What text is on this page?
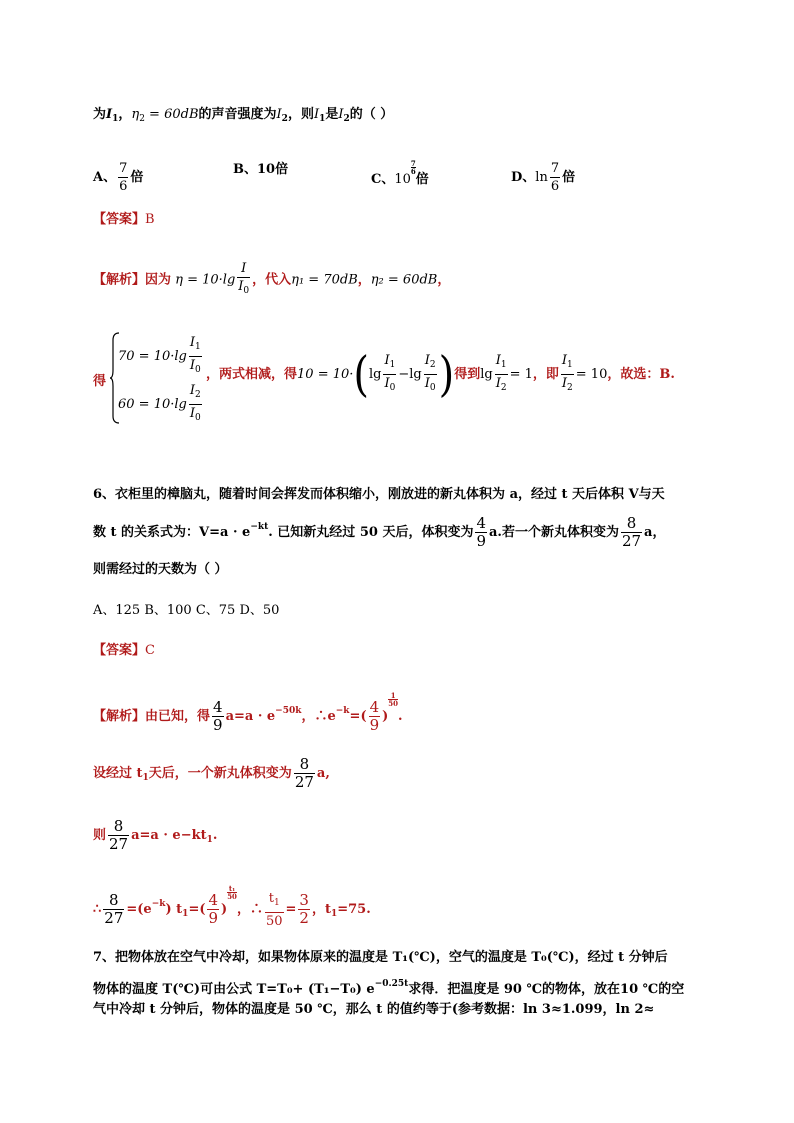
为$I_1$，$\eta_2 = 60dB$的声音强度为$I_2$，则$I_1$是$I_2$的（ ）
A、 $\frac{7}{6}$ 倍
B、10倍
C、10
$\frac{7}{6}$
倍	D、$\ln \frac{7}{6}$ 倍
【答案】B
【解析】因为 $\eta = 10\cdot\lg \frac{I}{I_0}$ ，代入η₁ = 70dB，η₂ = 60dB，
得
$70 = 10\cdot\lg \frac{I_1}{I_0}$
$60 = 10\cdot\lg \frac{I_2}{I_0}$
，两式相减，得$10 = 10\cdot(\lg \frac{I_1}{I_0} -\lg \frac{I_2}{I_0}$ )得到$\lg \frac{I_1}{I_2} = 1$，即 $\frac{I_1}{I_2} = 10$，故选：B.
6、衣柜里的樟脑丸，随着时间会挥发而体积缩小，刚放进的新丸体积为 a，经过 t 天后体积 V与天
数 t 的关系式为：$V=a \cdot e^{-kt}$. 已知新丸经过 50 天后，体积变为 $\frac{4}{9} a$.若一个新丸体积变为 $\frac{8}{27}$ a，
则需经过的天数为（ ）
A、125 B、100 C、75 D、50
【答案】C
【解析】由已知，得 $\frac{4}{9} a=a \cdot e^{-50k}$，$\therefore e^{-k}=( \frac{4}{9}$ )
$\frac{1}{50}$
.
设经过 $t_1$天后，一个新丸体积变为 $\frac{8}{27} a$,
则 $\frac{8}{27} a=a \cdot e-kt_1$.
∴ $\frac{8}{27} =(e^{-k})$ $t_1=( \frac{4}{9}$ )
$\frac{\text{t₁}}{50}$
，∴ $\frac{t_1}{50} = \frac{3}{2}$ ，$t_1=75$.
7、把物体放在空气中冷却，如果物体原来的温度是 T₁(℃)，空气的温度是 T₀(℃)，经过 t 分钟后
物体的温度 T(℃)可由公式 T=T₀+ (T₁−T₀) $e^{-0.25t}$求得．把温度是 90 ℃的物体，放在10 ℃的空
气中冷却 t 分钟后，物体的温度是 50 ℃，那么 t 的值约等于(参考数据：ln 3≈1.099，ln 2≈
